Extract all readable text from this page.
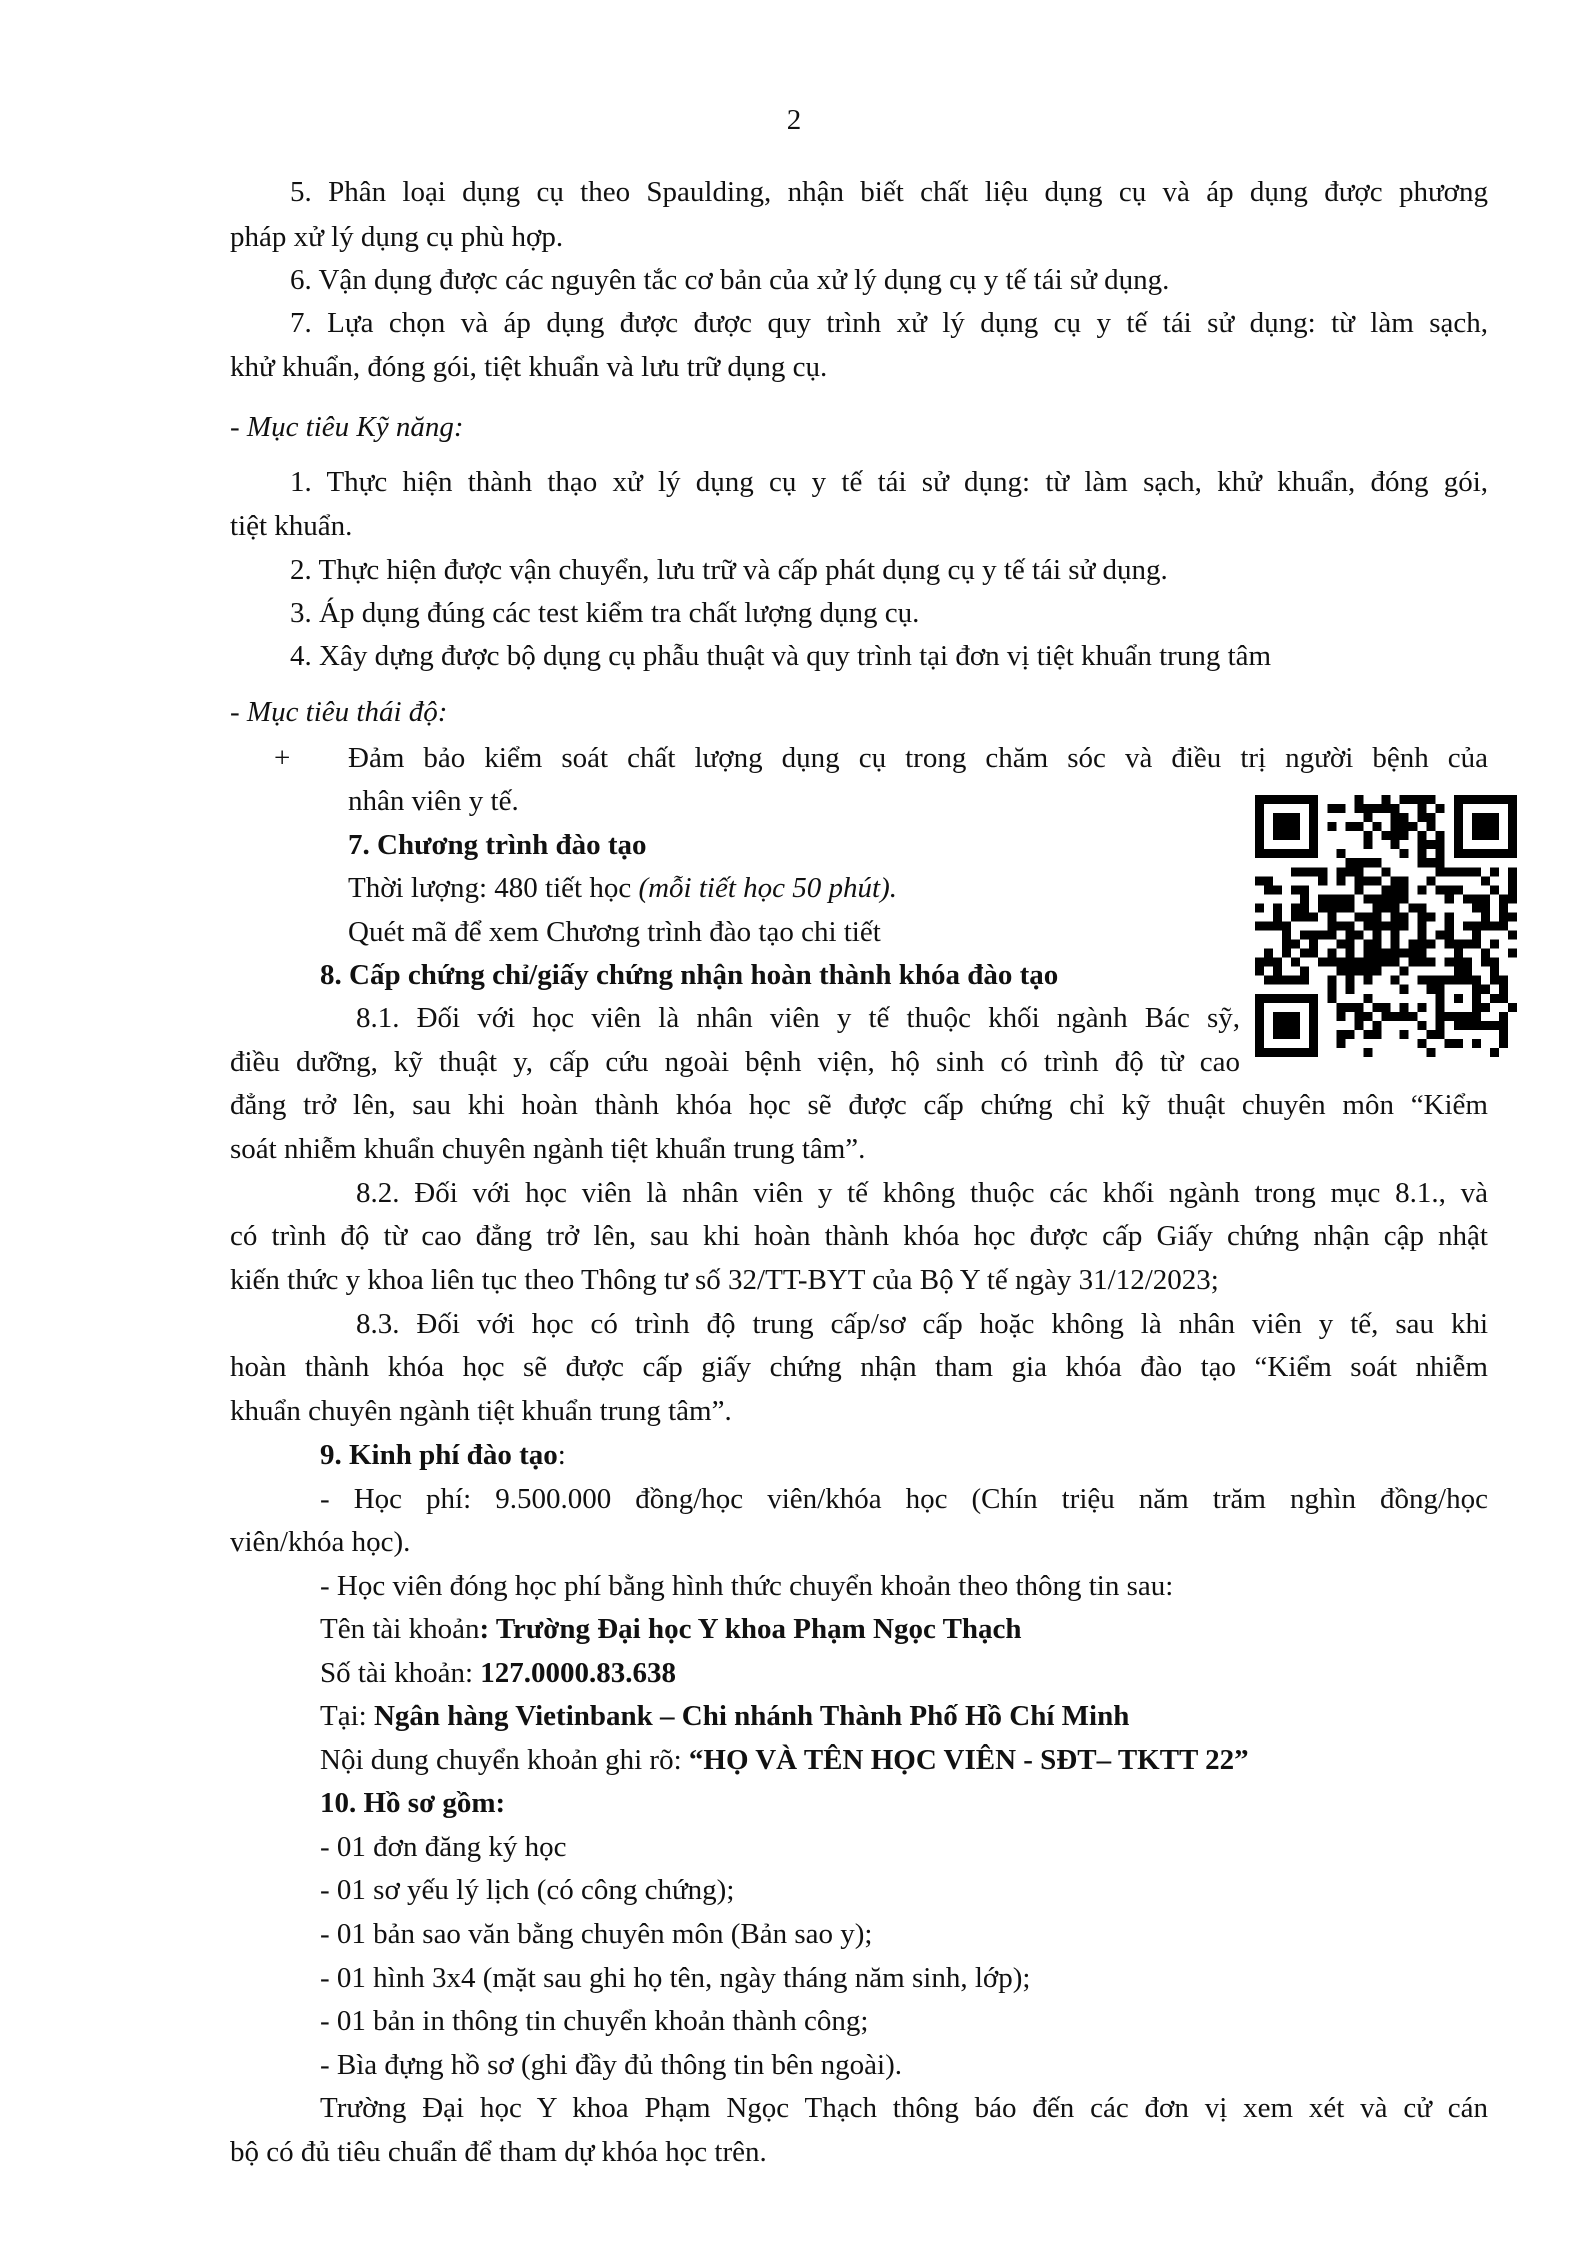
2
5. Phân loại dụng cụ theo Spaulding, nhận biết chất liệu dụng cụ và áp dụng được phương
pháp xử lý dụng cụ phù hợp.
6. Vận dụng được các nguyên tắc cơ bản của xử lý dụng cụ y tế tái sử dụng.
7. Lựa chọn và áp dụng được được quy trình xử lý dụng cụ y tế tái sử dụng: từ làm sạch,
khử khuẩn, đóng gói, tiệt khuẩn và lưu trữ dụng cụ.
- Mục tiêu Kỹ năng:
1. Thực hiện thành thạo xử lý dụng cụ y tế tái sử dụng: từ làm sạch, khử khuẩn, đóng gói,
tiệt khuẩn.
2. Thực hiện được vận chuyển, lưu trữ và cấp phát dụng cụ y tế tái sử dụng.
3. Áp dụng đúng các test kiểm tra chất lượng dụng cụ.
4. Xây dựng được bộ dụng cụ phẫu thuật và quy trình tại đơn vị tiệt khuẩn trung tâm
- Mục tiêu thái độ:
+ Đảm bảo kiểm soát chất lượng dụng cụ trong chăm sóc và điều trị người bệnh của
nhân viên y tế.
7. Chương trình đào tạo
Thời lượng: 480 tiết học (mỗi tiết học 50 phút).
Quét mã để xem Chương trình đào tạo chi tiết
8. Cấp chứng chỉ/giấy chứng nhận hoàn thành khóa đào tạo
8.1. Đối với học viên là nhân viên y tế thuộc khối ngành Bác sỹ,
điều dưỡng, kỹ thuật y, cấp cứu ngoài bệnh viện, hộ sinh có trình độ từ cao
đẳng trở lên, sau khi hoàn thành khóa học sẽ được cấp chứng chỉ kỹ thuật chuyên môn “Kiểm
soát nhiễm khuẩn chuyên ngành tiệt khuẩn trung tâm”.
8.2. Đối với học viên là nhân viên y tế không thuộc các khối ngành trong mục 8.1., và
có trình độ từ cao đẳng trở lên, sau khi hoàn thành khóa học được cấp Giấy chứng nhận cập nhật
kiến thức y khoa liên tục theo Thông tư số 32/TT-BYT của Bộ Y tế ngày 31/12/2023;
8.3. Đối với học có trình độ trung cấp/sơ cấp hoặc không là nhân viên y tế, sau khi
hoàn thành khóa học sẽ được cấp giấy chứng nhận tham gia khóa đào tạo “Kiểm soát nhiễm
khuẩn chuyên ngành tiệt khuẩn trung tâm”.
9. Kinh phí đào tạo:
- Học phí: 9.500.000 đồng/học viên/khóa học (Chín triệu năm trăm nghìn đồng/học
viên/khóa học).
- Học viên đóng học phí bằng hình thức chuyển khoản theo thông tin sau:
Tên tài khoản: Trường Đại học Y khoa Phạm Ngọc Thạch
Số tài khoản: 127.0000.83.638
Tại: Ngân hàng Vietinbank – Chi nhánh Thành Phố Hồ Chí Minh
Nội dung chuyển khoản ghi rõ: “HỌ VÀ TÊN HỌC VIÊN - SĐT– TKTT 22”
10. Hồ sơ gồm:
- 01 đơn đăng ký học
- 01 sơ yếu lý lịch (có công chứng);
- 01 bản sao văn bằng chuyên môn (Bản sao y);
- 01 hình 3x4 (mặt sau ghi họ tên, ngày tháng năm sinh, lớp);
- 01 bản in thông tin chuyển khoản thành công;
- Bìa đựng hồ sơ (ghi đầy đủ thông tin bên ngoài).
Trường Đại học Y khoa Phạm Ngọc Thạch thông báo đến các đơn vị xem xét và cử cán
bộ có đủ tiêu chuẩn để tham dự khóa học trên.
